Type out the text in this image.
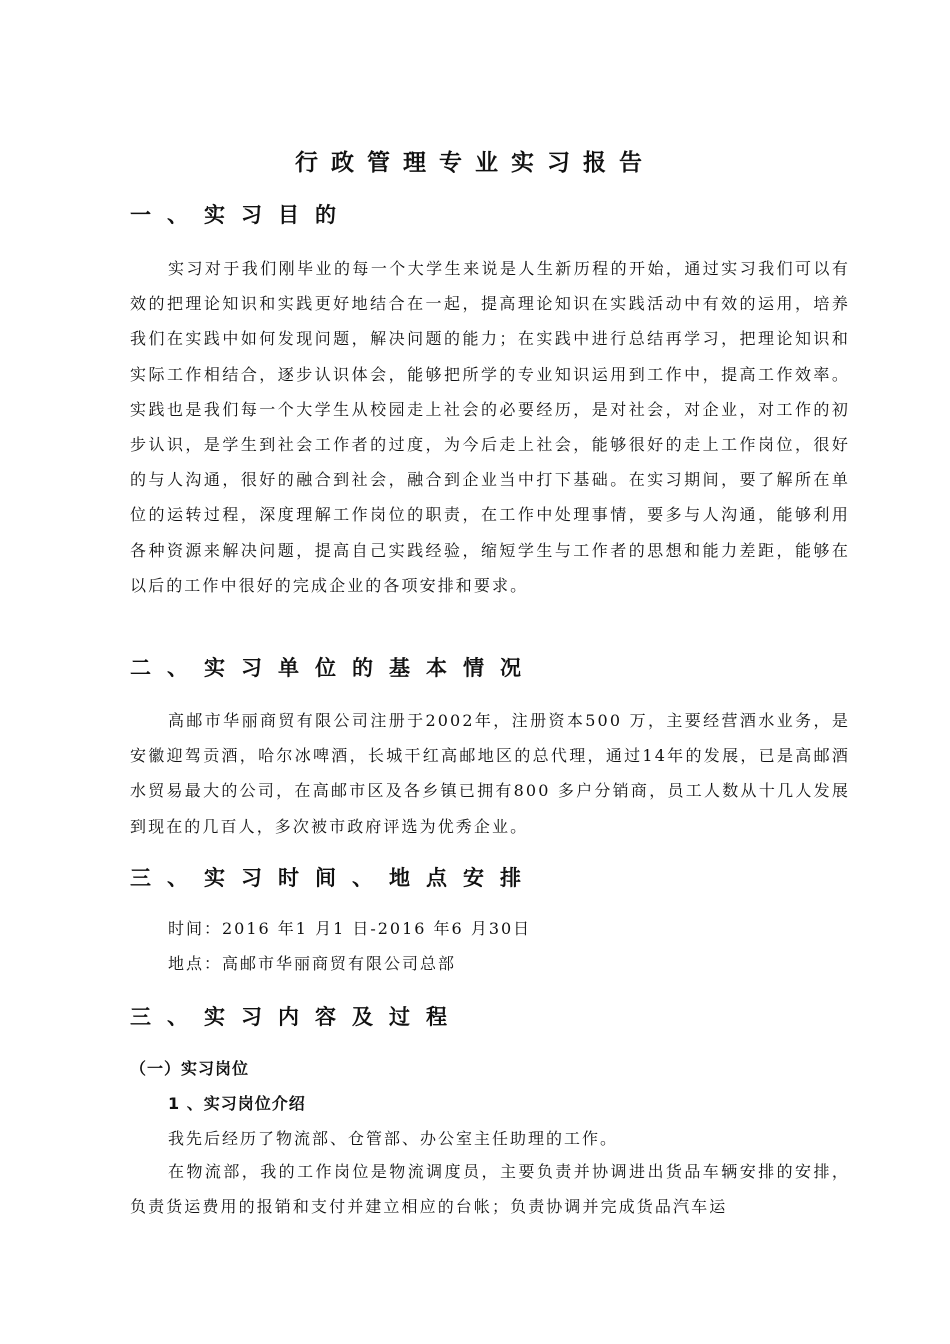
行政管理专业实习报告
一、实习目的

实习对于我们刚毕业的每一个大学生来说是人生新历程的开始，通过实习我们可以有效的把理论知识和实践更好地结合在一起，提高理论知识在实践活动中有效的运用，培养我们在实践中如何发现问题，解决问题的能力；在实践中进行总结再学习，把理论知识和实际工作相结合，逐步认识体会，能够把所学的专业知识运用到工作中，提高工作效率。实践也是我们每一个大学生从校园走上社会的必要经历，是对社会，对企业，对工作的初步认识，是学生到社会工作者的过度，为今后走上社会，能够很好的走上工作岗位，很好的与人沟通，很好的融合到社会，融合到企业当中打下基础。在实习期间，要了解所在单位的运转过程，深度理解工作岗位的职责，在工作中处理事情，要多与人沟通，能够利用各种资源来解决问题，提高自己实践经验，缩短学生与工作者的思想和能力差距，能够在以后的工作中很好的完成企业的各项安排和要求。

二、实习单位的基本情况

高邮市华丽商贸有限公司注册于2002年，注册资本500 万，主要经营酒水业务，是安徽迎驾贡酒，哈尔冰啤酒，长城干红高邮地区的总代理，通过14年的发展，已是高邮酒水贸易最大的公司，在高邮市区及各乡镇已拥有800 多户分销商，员工人数从十几人发展到现在的几百人，多次被市政府评选为优秀企业。

三、实习时间、地点安排
时间：2016 年1 月1 日-2016 年6 月30日
地点：高邮市华丽商贸有限公司总部
三、实习内容及过程
（一）实习岗位
1 、实习岗位介绍
我先后经历了物流部、仓管部、办公室主任助理的工作。

在物流部，我的工作岗位是物流调度员，主要负责并协调进出货品车辆安排的安排，负责货运费用的报销和支付并建立相应的台帐；负责协调并完成货品汽车运
